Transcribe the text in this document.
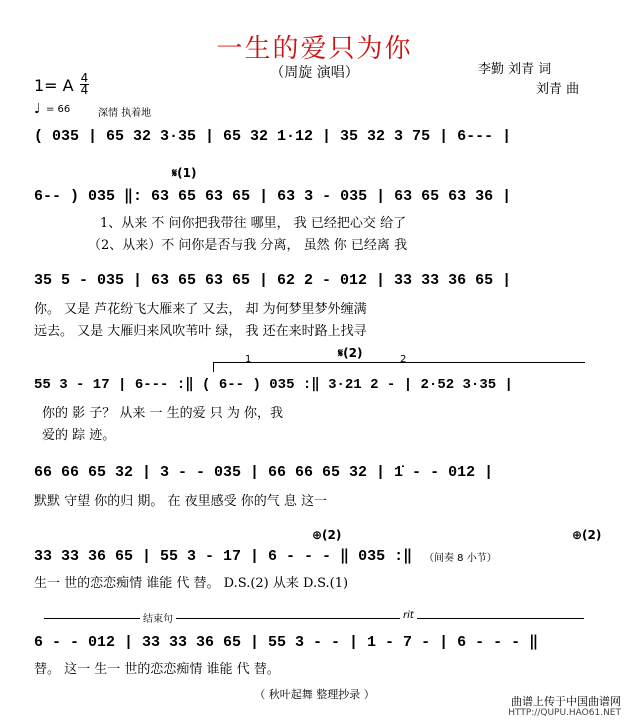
一生的爱只为你
（周旋 演唱）	李勤 刘青 词
刘青 曲
1= A 4
4
♩ = 66	深情 执着地
( 035 | 65 32 3·35 | 65 32 1·12 | 35 32 3 75 | 6--- |
𝄋(1)
6-- ) 035 ‖: 63 65 63 65 | 63 3 - 035 | 63 65 63 36 |
1、从来 不 问你把我带往 哪里， 我 已经把心交 给了
（2、从来）不 问你是否与我 分离， 虽然 你 已经离 我
35 5 - 035 | 63 65 63 65 | 62 2 - 012 | 33 33 36 65 |
你。 又是 芦花纷飞大雁来了 又去， 却 为何梦里梦外缠满
远去。 又是 大雁归来风吹苇叶 绿， 我 还在来时路上找寻
1	2
𝄋(2)
55 3 - 17 | 6--- :‖ ( 6-- ) 035 :‖ 3·21 2 - | 2·52 3·35 |
你的 影 子？ 从来 一 生的爱 只 为 你，我
爱的 踪 迹。
66 66 65 32 | 3 - - 035 | 66 66 65 32 | 1̇ - - 012 |
默默 守望 你的归 期。 在 夜里感受 你的气 息 这一
⊕(2)	⊕(2)
33 33 36 65 | 55 3 - 17 | 6 - - - ‖ 035 :‖ （间奏 8 小节）
生一 世的恋恋痴情 谁能 代 替。 D.S.(2) 从来 D.S.(1)
结束句	rit
6 - - 012 | 33 33 36 65 | 55 3 - - | 1 - 7 - | 6 - - - ‖
替。 这一 生一 世的恋恋痴情 谁能 代 替。
（ 秋叶起舞 整理抄录 ）
曲谱上传于中国曲谱网
HTTP://QUPU.HAO61.NET
